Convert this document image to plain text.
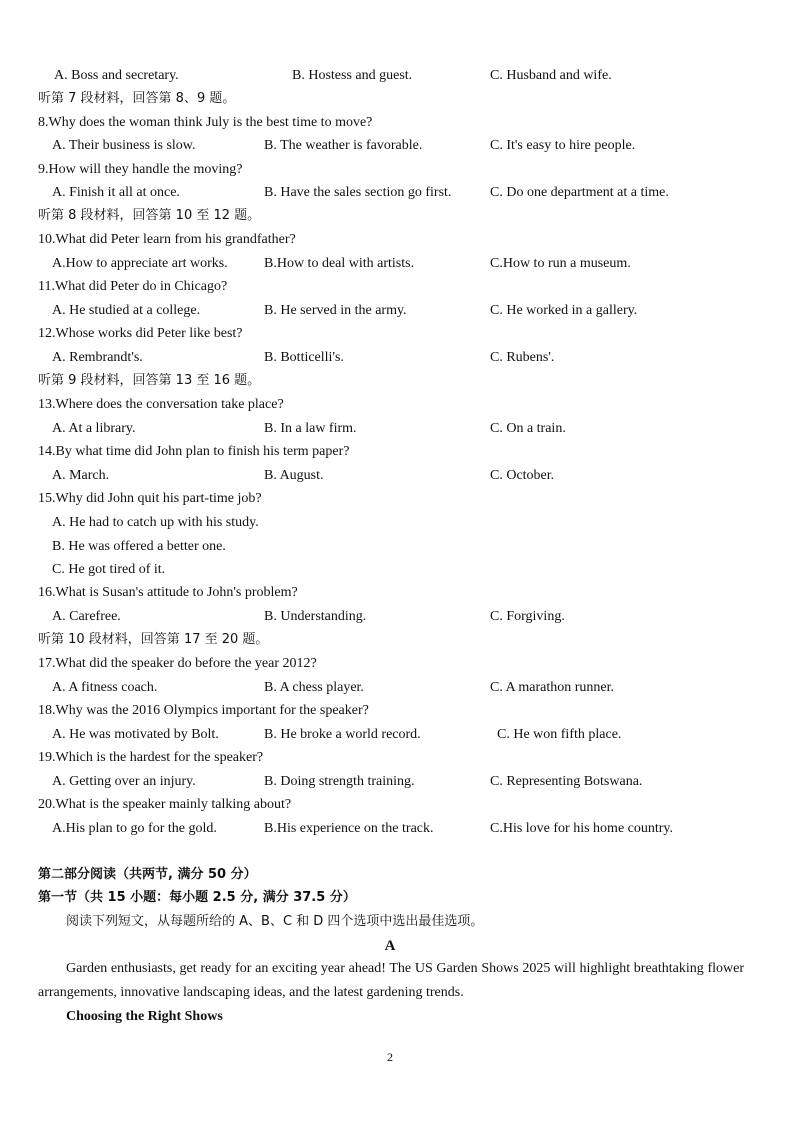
A. Boss and secretary.	B. Hostess and guest.	C. Husband and wife.
听第 7 段材料，回答第 8、9 题。
8.Why does the woman think July is the best time to move?
A. Their business is slow.	B. The weather is favorable.	C. It's easy to hire people.
9.How will they handle the moving?
A. Finish it all at once.	B. Have the sales section go first.	C. Do one department at a time.
听第 8 段材料，回答第 10 至 12 题。
10.What did Peter learn from his grandfather?
A.How to appreciate art works.	B.How to deal with artists.	C.How to run a museum.
11.What did Peter do in Chicago?
A. He studied at a college.	B. He served in the army.	C. He worked in a gallery.
12.Whose works did Peter like best?
A. Rembrandt's.	B. Botticelli's.	C. Rubens'.
听第 9 段材料，回答第 13 至 16 题。
13.Where does the conversation take place?
A. At a library.	B. In a law firm.	C. On a train.
14.By what time did John plan to finish his term paper?
A. March.	B. August.	C. October.
15.Why did John quit his part-time job?
A. He had to catch up with his study.
B. He was offered a better one.
C. He got tired of it.
16.What is Susan's attitude to John's problem?
A. Carefree.	B. Understanding.	C. Forgiving.
听第 10 段材料，回答第 17 至 20 题。
17.What did the speaker do before the year 2012?
A. A fitness coach.	B. A chess player.	C. A marathon runner.
18.Why was the 2016 Olympics important for the speaker?
A. He was motivated by Bolt.	B. He broke a world record.	C. He won fifth place.
19.Which is the hardest for the speaker?
A. Getting over an injury.	B. Doing strength training.	C. Representing Botswana.
20.What is the speaker mainly talking about?
A.His plan to go for the gold.	B.His experience on the track.	C.His love for his home country.
第二部分阅读（共两节, 满分 50 分）
第一节（共 15 小题：每小题 2.5 分, 满分 37.5 分）
阅读下列短文，从每题所给的 A、B、C 和 D 四个选项中选出最佳选项。
A
Garden enthusiasts, get ready for an exciting year ahead! The US Garden Shows 2025 will highlight breathtaking flower arrangements, innovative landscaping ideas, and the latest gardening trends.
Choosing the Right Shows
2
